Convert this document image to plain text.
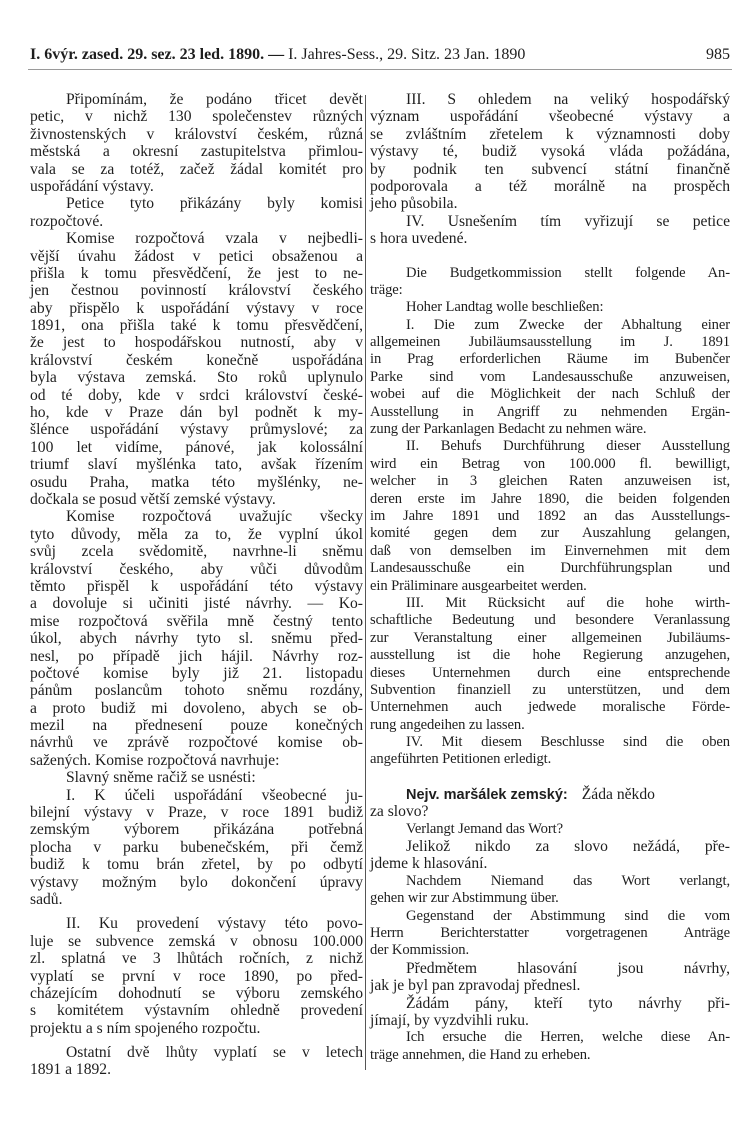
I. 6výr. zased. 29. sez. 23 led. 1890. — I. Jahres-Sess., 29. Sitz. 23 Jan. 1890	985
Připomínám, že podáno třicet devět
petic, v nichž 130 společenstev různých
živnostenských v království českém, různá
městská a okresní zastupitelstva přimlou-
vala se za totéž, začež žádal komitét pro
uspořádání výstavy.
Petice tyto přikázány byly komisi
rozpočtové.
Komise rozpočtová vzala v nejbedli-
vější úvahu žádost v petici obsaženou a
přišla k tomu přesvědčení, že jest to ne-
jen čestnou povinností království českého
aby přispělo k uspořádání výstavy v roce
1891, ona přišla také k tomu přesvědčení,
že jest to hospodářskou nutností, aby v
království českém konečně uspořádána
byla výstava zemská. Sto roků uplynulo
od té doby, kde v srdci království české-
ho, kde v Praze dán byl podnět k my-
šlénce uspořádání výstavy průmyslové; za
100 let vidíme, pánové, jak kolossální
triumf slaví myšlénka tato, avšak řízením
osudu Praha, matka této myšlénky, ne-
dočkala se posud větší zemské výstavy.
Komise rozpočtová uvažujíc všecky
tyto důvody, měla za to, že vyplní úkol
svůj zcela svědomitě, navrhne-li sněmu
království českého, aby vůči důvodům
těmto přispěl k uspořádání této výstavy
a dovoluje si učiniti jisté návrhy. — Ko-
mise rozpočtová svěřila mně čestný tento
úkol, abych návrhy tyto sl. sněmu před-
nesl, po případě jich hájil. Návrhy roz-
počtové komise byly již 21. listopadu
pánům poslancům tohoto sněmu rozdány,
a proto budiž mi dovoleno, abych se ob-
mezil na přednesení pouze konečných
návrhů ve zprávě rozpočtové komise ob-
sažených. Komise rozpočtová navrhuje:
Slavný sněme račiž se usnésti:
I. K účeli uspořádání všeobecné ju-
bilejní výstavy v Praze, v roce 1891 budiž
zemským výborem přikázána potřebná
plocha v parku bubenečském, při čemž
budiž k tomu brán zřetel, by po odbytí
výstavy možným bylo dokončení úpravy
sadů.
II. Ku provedení výstavy této povo-
luje se subvence zemská v obnosu 100.000
zl. splatná ve 3 lhůtách ročních, z nichž
vyplatí se první v roce 1890, po před-
cházejícím dohodnutí se výboru zemského
s komitétem výstavním ohledně provedení
projektu a s ním spojeného rozpočtu.
Ostatní dvě lhůty vyplatí se v letech
1891 a 1892.
III. S ohledem na veliký hospodářský
význam uspořádání všeobecné výstavy a
se zvláštním zřetelem k významnosti doby
výstavy té, budiž vysoká vláda požádána,
by podnik ten subvencí státní finančně
podporovala a též morálně na prospěch
jeho působila.
IV. Usnešením tím vyřizují se petice
s hora uvedené.
Die Budgetkommission stellt folgende An-
träge:
Hoher Landtag wolle beschließen:
I. Die zum Zwecke der Abhaltung einer
allgemeinen Jubiläumsausstellung im J. 1891
in Prag erforderlichen Räume im Bubenčer
Parke sind vom Landesausschuße anzuweisen,
wobei auf die Möglichkeit der nach Schluß der
Ausstellung in Angriff zu nehmenden Ergän-
zung der Parkanlagen Bedacht zu nehmen wäre.
II. Behufs Durchführung dieser Ausstellung
wird ein Betrag von 100.000 fl. bewilligt,
welcher in 3 gleichen Raten anzuweisen ist,
deren erste im Jahre 1890, die beiden folgenden
im Jahre 1891 und 1892 an das Ausstellungs-
komité gegen dem zur Auszahlung gelangen,
daß von demselben im Einvernehmen mit dem
Landesausschuße ein Durchführungsplan und
ein Präliminare ausgearbeitet werden.
III. Mit Rücksicht auf die hohe wirth-
schaftliche Bedeutung und besondere Veranlassung
zur Veranstaltung einer allgemeinen Jubiläums-
ausstellung ist die hohe Regierung anzugehen,
dieses Unternehmen durch eine entsprechende
Subvention finanziell zu unterstützen, und dem
Unternehmen auch jedwede moralische Förde-
rung angedeihen zu lassen.
IV. Mit diesem Beschlusse sind die oben
angeführten Petitionen erledigt.
Nejv. maršálek zemský: Žáda někdo
za slovo?
Verlangt Jemand das Wort?
Jelikož nikdo za slovo nežádá, pře-
jdeme k hlasování.
Nachdem Niemand das Wort verlangt,
gehen wir zur Abstimmung über.
Gegenstand der Abstimmung sind die vom
Herrn Berichterstatter vorgetragenen Anträge
der Kommission.
Předmětem hlasování jsou návrhy,
jak je byl pan zpravodaj přednesl.
Žádám pány, kteří tyto návrhy při-
jímají, by vyzdvihli ruku.
Ich ersuche die Herren, welche diese An-
träge annehmen, die Hand zu erheben.
